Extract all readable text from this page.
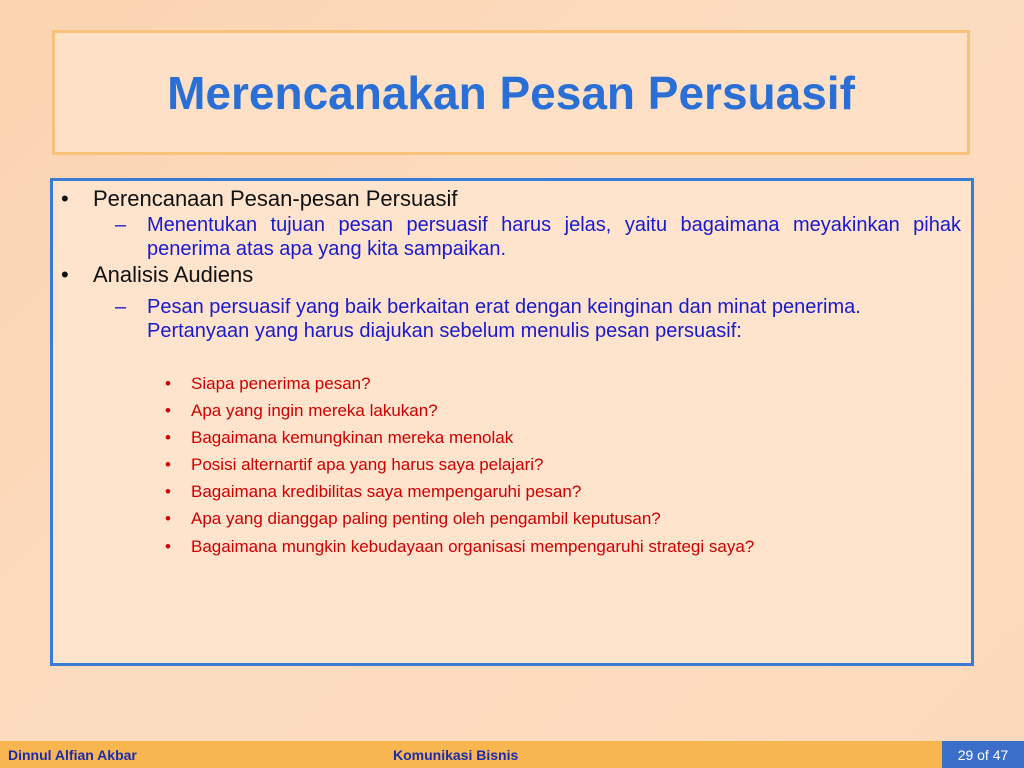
Merencanakan Pesan Persuasif
•	Perencanaan Pesan-pesan Persuasif
–	Menentukan tujuan pesan persuasif harus jelas, yaitu bagaimana meyakinkan pihak penerima atas apa yang kita sampaikan.
•	Analisis Audiens
–	Pesan persuasif yang baik berkaitan erat dengan keinginan dan minat penerima. Pertanyaan yang harus diajukan sebelum menulis pesan persuasif:
•	Siapa penerima pesan?
•	Apa yang ingin mereka lakukan?
•	Bagaimana kemungkinan mereka menolak
•	Posisi alternartif apa yang harus saya pelajari?
•	Bagaimana kredibilitas saya mempengaruhi pesan?
•	Apa yang dianggap paling penting oleh pengambil keputusan?
•	Bagaimana mungkin kebudayaan organisasi mempengaruhi strategi saya?
Dinnul Alfian Akbar	Komunikasi Bisnis	29 of 47
